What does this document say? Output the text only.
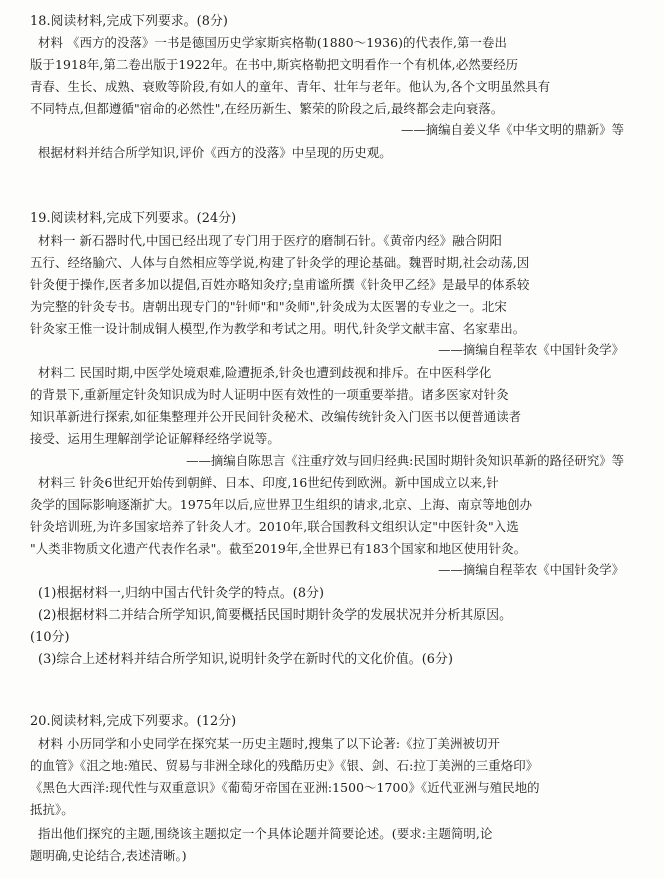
18.阅读材料,完成下列要求。(8分)
材料 《西方的没落》一书是德国历史学家斯宾格勒(1880～1936)的代表作,第一卷出
版于1918年,第二卷出版于1922年。在书中,斯宾格勒把文明看作一个有机体,必然要经历
青春、生长、成熟、衰败等阶段,有如人的童年、青年、壮年与老年。他认为,各个文明虽然具有
不同特点,但都遵循"宿命的必然性",在经历新生、繁荣的阶段之后,最终都会走向衰落。
——摘编自姜义华《中华文明的鼎新》等
根据材料并结合所学知识,评价《西方的没落》中呈现的历史观。
19.阅读材料,完成下列要求。(24分)
材料一 新石器时代,中国已经出现了专门用于医疗的磨制石针。《黄帝内经》融合阴阳
五行、经络腧穴、人体与自然相应等学说,构建了针灸学的理论基础。魏晋时期,社会动荡,因
针灸便于操作,医者多加以提倡,百姓亦略知灸疗;皇甫谧所撰《针灸甲乙经》是最早的体系较
为完整的针灸专书。唐朝出现专门的"针师"和"灸师",针灸成为太医署的专业之一。北宋
针灸家王惟一设计制成铜人模型,作为教学和考试之用。明代,针灸学文献丰富、名家辈出。
——摘编自程莘农《中国针灸学》
材料二 民国时期,中医学处境艰难,险遭扼杀,针灸也遭到歧视和排斥。在中医科学化
的背景下,重新厘定针灸知识成为时人证明中医有效性的一项重要举措。诸多医家对针灸
知识革新进行探索,如征集整理并公开民间针灸秘术、改编传统针灸入门医书以便普通读者
接受、运用生理解剖学论证解释经络学说等。
——摘编自陈思言《注重疗效与回归经典:民国时期针灸知识革新的路径研究》等
材料三 针灸6世纪开始传到朝鲜、日本、印度,16世纪传到欧洲。新中国成立以来,针
灸学的国际影响逐渐扩大。1975年以后,应世界卫生组织的请求,北京、上海、南京等地创办
针灸培训班,为许多国家培养了针灸人才。2010年,联合国教科文组织认定"中医针灸"入选
"人类非物质文化遗产代表作名录"。截至2019年,全世界已有183个国家和地区使用针灸。
——摘编自程莘农《中国针灸学》
(1)根据材料一,归纳中国古代针灸学的特点。(8分)
(2)根据材料二并结合所学知识,简要概括民国时期针灸学的发展状况并分析其原因。
(10分)
(3)综合上述材料并结合所学知识,说明针灸学在新时代的文化价值。(6分)
20.阅读材料,完成下列要求。(12分)
材料 小历同学和小史同学在探究某一历史主题时,搜集了以下论著:《拉丁美洲被切开
的血管》《沮之地:殖民、贸易与非洲全球化的残酷历史》《银、剑、石:拉丁美洲的三重烙印》
《黑色大西洋:现代性与双重意识》《葡萄牙帝国在亚洲:1500～1700》《近代亚洲与殖民地的
抵抗》。
指出他们探究的主题,围绕该主题拟定一个具体论题并简要论述。(要求:主题简明,论
题明确,史论结合,表述清晰。)
